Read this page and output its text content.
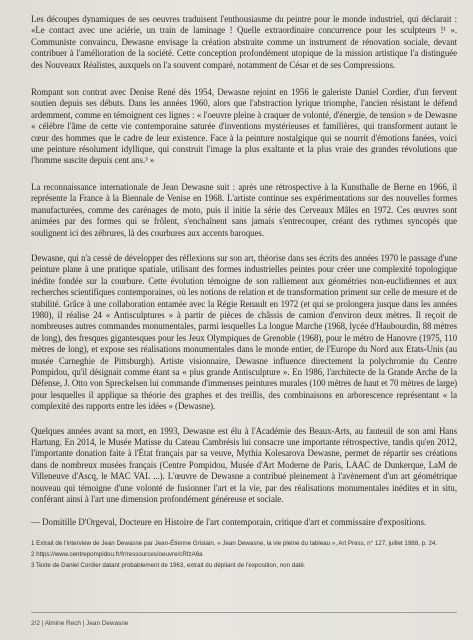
Les découpes dynamiques de ses oeuvres traduisent l'enthousiasme du peintre pour le monde industriel, qui déclarait : «Le contact avec une aciérie, un train de laminage ! Quelle extraordinaire concurrence pour les sculpteurs !¹ ». Communiste convaincu, Dewasne envisage la création abstraite comme un instrument de rénovation sociale, devant contribuer à l'amélioration de la société. Cette conception profondément utopique de la mission artistique l'a distinguée des Nouveaux Réalistes, auxquels on l'a souvent comparé, notamment de César et de ses Compressions.

Rompant son contrat avec Denise René dès 1954, Dewasne rejoint en 1956 le galeriste Daniel Cordier, d'un fervent soutien depuis ses débuts. Dans les années 1960, alors que l'abstraction lyrique triomphe, l'ancien résistant le défend ardemment, comme en témoignent ces lignes : « l'oeuvre pleine à craquer de volonté, d'énergie, de tension » de Dewasne « célèbre l'âme de cette vie contemporaine saturée d'inventions mystérieuses et familières, qui transforment autant le cœur des hommes que le cadre de leur existence. Face à la peinture nostalgique qui se nourrit d'émotions fanées, voici une peinture résolument idyllique, qui construit l'image la plus exaltante et la plus vraie des grandes révolutions que l'homme suscite depuis cent ans.³ »

La reconnaissance internationale de Jean Dewasne suit : après une rétrospective à la Kunsthalle de Berne en 1966, il représente la France à la Biennale de Venise en 1968. L'artiste continue ses expérimentations sur des nouvelles formes manufacturées, comme des carénages de moto, puis il initie la série des Cerveaux Mâles en 1972. Ces œuvres sont animées par des formes qui se frôlent, s'enchaînent sans jamais s'entrecouper, créant des rythmes syncopés que soulignent ici des zébrures, là des courbures aux accents baroques.

Dewasne, qui n'a cessé de développer des réflexions sur son art, théorise dans ses écrits des années 1970 le passage d'une peinture plane à une pratique spatiale, utilisant des formes industrielles peintes pour créer une complexité topologique inédite fondée sur la courbure. Cette évolution témoigne de son ralliement aux géométries non-euclidiennes et aux recherches scientifiques contemporaines, où les notions de relation et de transformation priment sur celle de mesure et de stabilité. Grâce à une collaboration entamée avec la Régie Renault en 1972 (et qui se prolongera jusque dans les années 1980), il réalise 24 « Antisculptures » à partir de pièces de châssis de camion d'environ deux mètres. Il reçoit de nombreuses autres commandes monumentales, parmi lesquelles La longue Marche (1968, lycée d'Haubourdin, 88 mètres de long), des fresques gigantesques pour les Jeux Olympiques de Grenoble (1968), pour le métro de Hanovre (1975, 110 mètres de long), et expose ses réalisations monumentales dans le monde entier, de l'Europe du Nord aux Etats-Unis (au musée Carneghie de Pittsburgh). Artiste visionnaire, Dewasne influence directement la polychromie du Centre Pompidou, qu'il désignait comme étant sa « plus grande Antisculpture ». En 1986, l'architecte de la Grande Arche de la Défense, J. Otto von Spreckelsen lui commande d'immenses peintures murales (100 mètres de haut et 70 mètres de large) pour lesquelles il applique sa théorie des graphes et des treillis, des combinaisons en arborescence représentant « la complexité des rapports entre les idées » (Dewasne).

Quelques années avant sa mort, en 1993, Dewasne est élu à l'Académie des Beaux-Arts, au fauteuil de son ami Hans Hartung. En 2014, le Musée Matisse du Cateau Cambrésis lui consacre une importante rétrospective, tandis qu'en 2012, l'importante donation faite à l'État français par sa veuve, Mythia Kolesarova Dewasne, permet de répartir ses créations dans de nombreux musées français (Centre Pompidou, Musée d'Art Moderne de Paris, LAAC de Dunkerque, LaM de Villeneuve d'Ascq, le MAC VAL ...). L'œuvre de Dewasne a contribué pleinement à l'avènement d'un art géométrique nouveau qui témoigne d'une volonté de fusionner l'art et la vie, par des réalisations monumentales inédites et in situ, conférant ainsi à l'art une dimension profondément généreuse et sociale.

— Domitille D'Orgeval, Docteure en Histoire de l'art contemporain, critique d'art et commissaire d'expositions.

1 Extrait de l'interview de Jean Dewasne par Jean-Étienne Grislain, « Jean Dewasne, la vie pleine du tableau », Art Press, n° 127, juillet 1988, p. 24.

2 https://www.centrepompidou.fr/fr/ressources/oeuvre/cRfzA6a

3 Texte de Daniel Cordier datant probablement de 1963, extrait du dépliant de l'exposition, non daté.

2/2 | Almine Rech | Jean Dewasne
